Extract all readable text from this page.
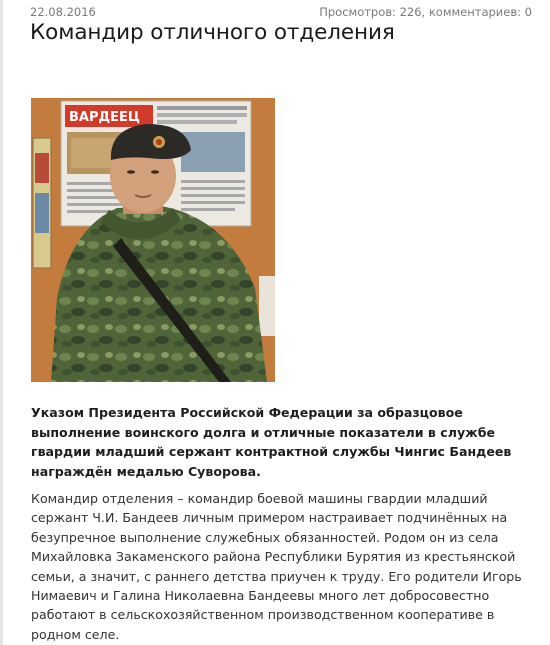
22.08.2016	Просмотров: 226, комментариев: 0
Командир отличного отделения
ВАРДЕЕЦ

Указом Президента Российской Федерации за образцовое
выполнение воинского долга и отличные показатели в службе
гвардии младший сержант контрактной службы Чингис Бандеев
награждён медалью Суворова.

Командир отделения – командир боевой машины гвардии младший
сержант Ч.И. Бандеев личным примером настраивает подчинённых на
безупречное выполнение служебных обязанностей. Родом он из села
Михайловка Закаменского района Республики Бурятия из крестьянской
семьи, а значит, с раннего детства приучен к труду. Его родители Игорь
Нимаевич и Галина Николаевна Бандеевы много лет добросовестно
работают в сельскохозяйственном производственном кооперативе в
родном селе.
